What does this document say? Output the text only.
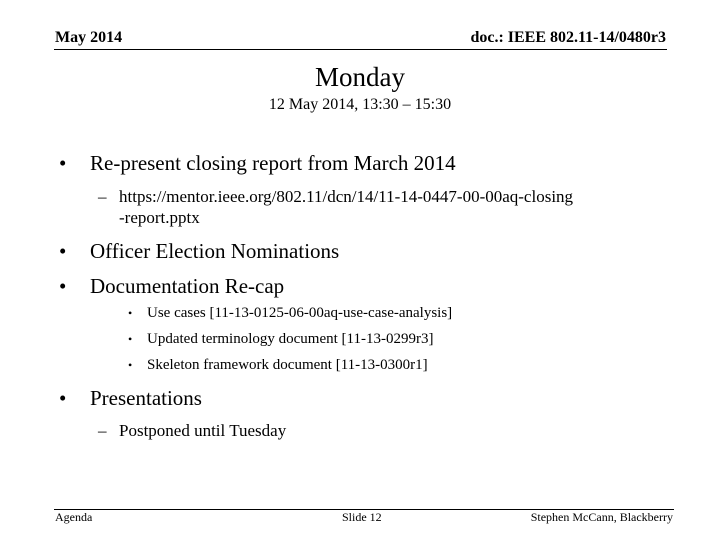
May 2014	doc.: IEEE 802.11-14/0480r3
Monday
12 May 2014, 13:30 – 15:30
• Re-present closing report from March 2014
– https://mentor.ieee.org/802.11/dcn/14/11-14-0447-00-00aq-closing
-report.pptx
• Officer Election Nominations
• Documentation Re-cap
• Use cases [11-13-0125-06-00aq-use-case-analysis]
• Updated terminology document [11-13-0299r3]
• Skeleton framework document [11-13-0300r1]
• Presentations
– Postponed until Tuesday
Agenda	Slide 12	Stephen McCann, Blackberry
